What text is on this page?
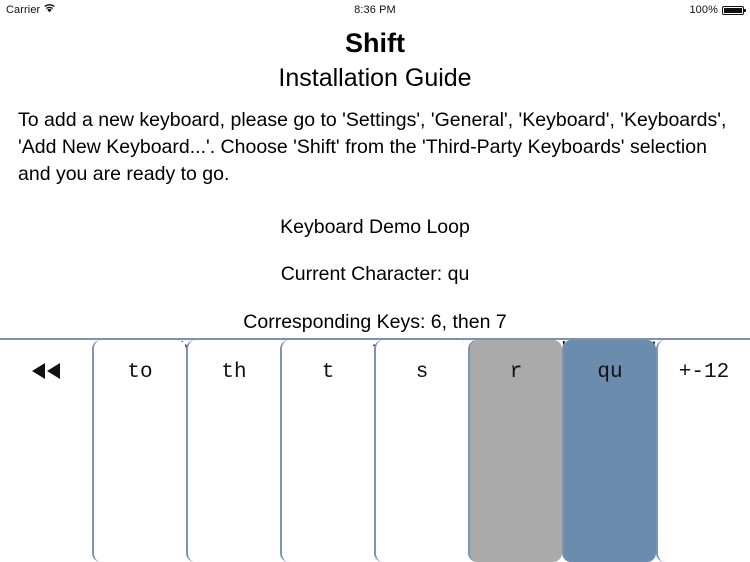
Carrier	8:36 PM	100%
Shift
Installation Guide

To add a new keyboard, please go to 'Settings', 'General', 'Keyboard', 'Keyboards', 'Add New Keyboard...'. Choose 'Shift' from the 'Third-Party Keyboards' selection and you are ready to go.

Keyboard Demo Loop

Current Character: qu

Corresponding Keys: 6, then 7

to	th	t	s	r	qu	+-12
